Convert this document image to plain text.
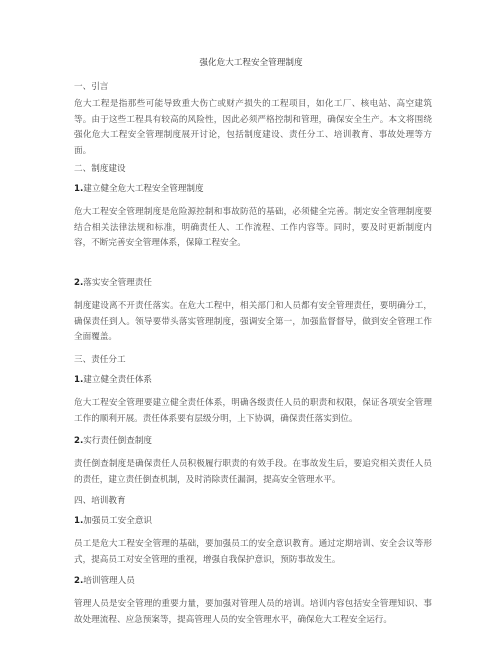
强化危大工程安全管理制度
一、引言
危大工程是指那些可能导致重大伤亡或财产损失的工程项目，如化工厂、核电站、高空建筑等。由于这些工程具有较高的风险性，因此必须严格控制和管理，确保安全生产。本文将围绕强化危大工程安全管理制度展开讨论，包括制度建设、责任分工、培训教育、事故处理等方面。
二、制度建设
1.建立健全危大工程安全管理制度
危大工程安全管理制度是危险源控制和事故防范的基础，必须健全完善。制定安全管理制度要结合相关法律法规和标准，明确责任人、工作流程、工作内容等。同时，要及时更新制度内容，不断完善安全管理体系，保障工程安全。
2.落实安全管理责任
制度建设离不开责任落实。在危大工程中，相关部门和人员都有安全管理责任，要明确分工，确保责任到人。领导要带头落实管理制度，强调安全第一，加强监督督导，做到安全管理工作全面覆盖。
三、责任分工
1.建立健全责任体系
危大工程安全管理要建立健全责任体系，明确各级责任人员的职责和权限，保证各项安全管理工作的顺利开展。责任体系要有层级分明，上下协调，确保责任落实到位。
2.实行责任倒查制度
责任倒查制度是确保责任人员积极履行职责的有效手段。在事故发生后，要追究相关责任人员的责任，建立责任倒查机制，及时消除责任漏洞，提高安全管理水平。
四、培训教育
1.加强员工安全意识
员工是危大工程安全管理的基础，要加强员工的安全意识教育。通过定期培训、安全会议等形式，提高员工对安全管理的重视，增强自我保护意识，预防事故发生。
2.培训管理人员
管理人员是安全管理的重要力量，要加强对管理人员的培训。培训内容包括安全管理知识、事故处理流程、应急预案等，提高管理人员的安全管理水平，确保危大工程安全运行。
